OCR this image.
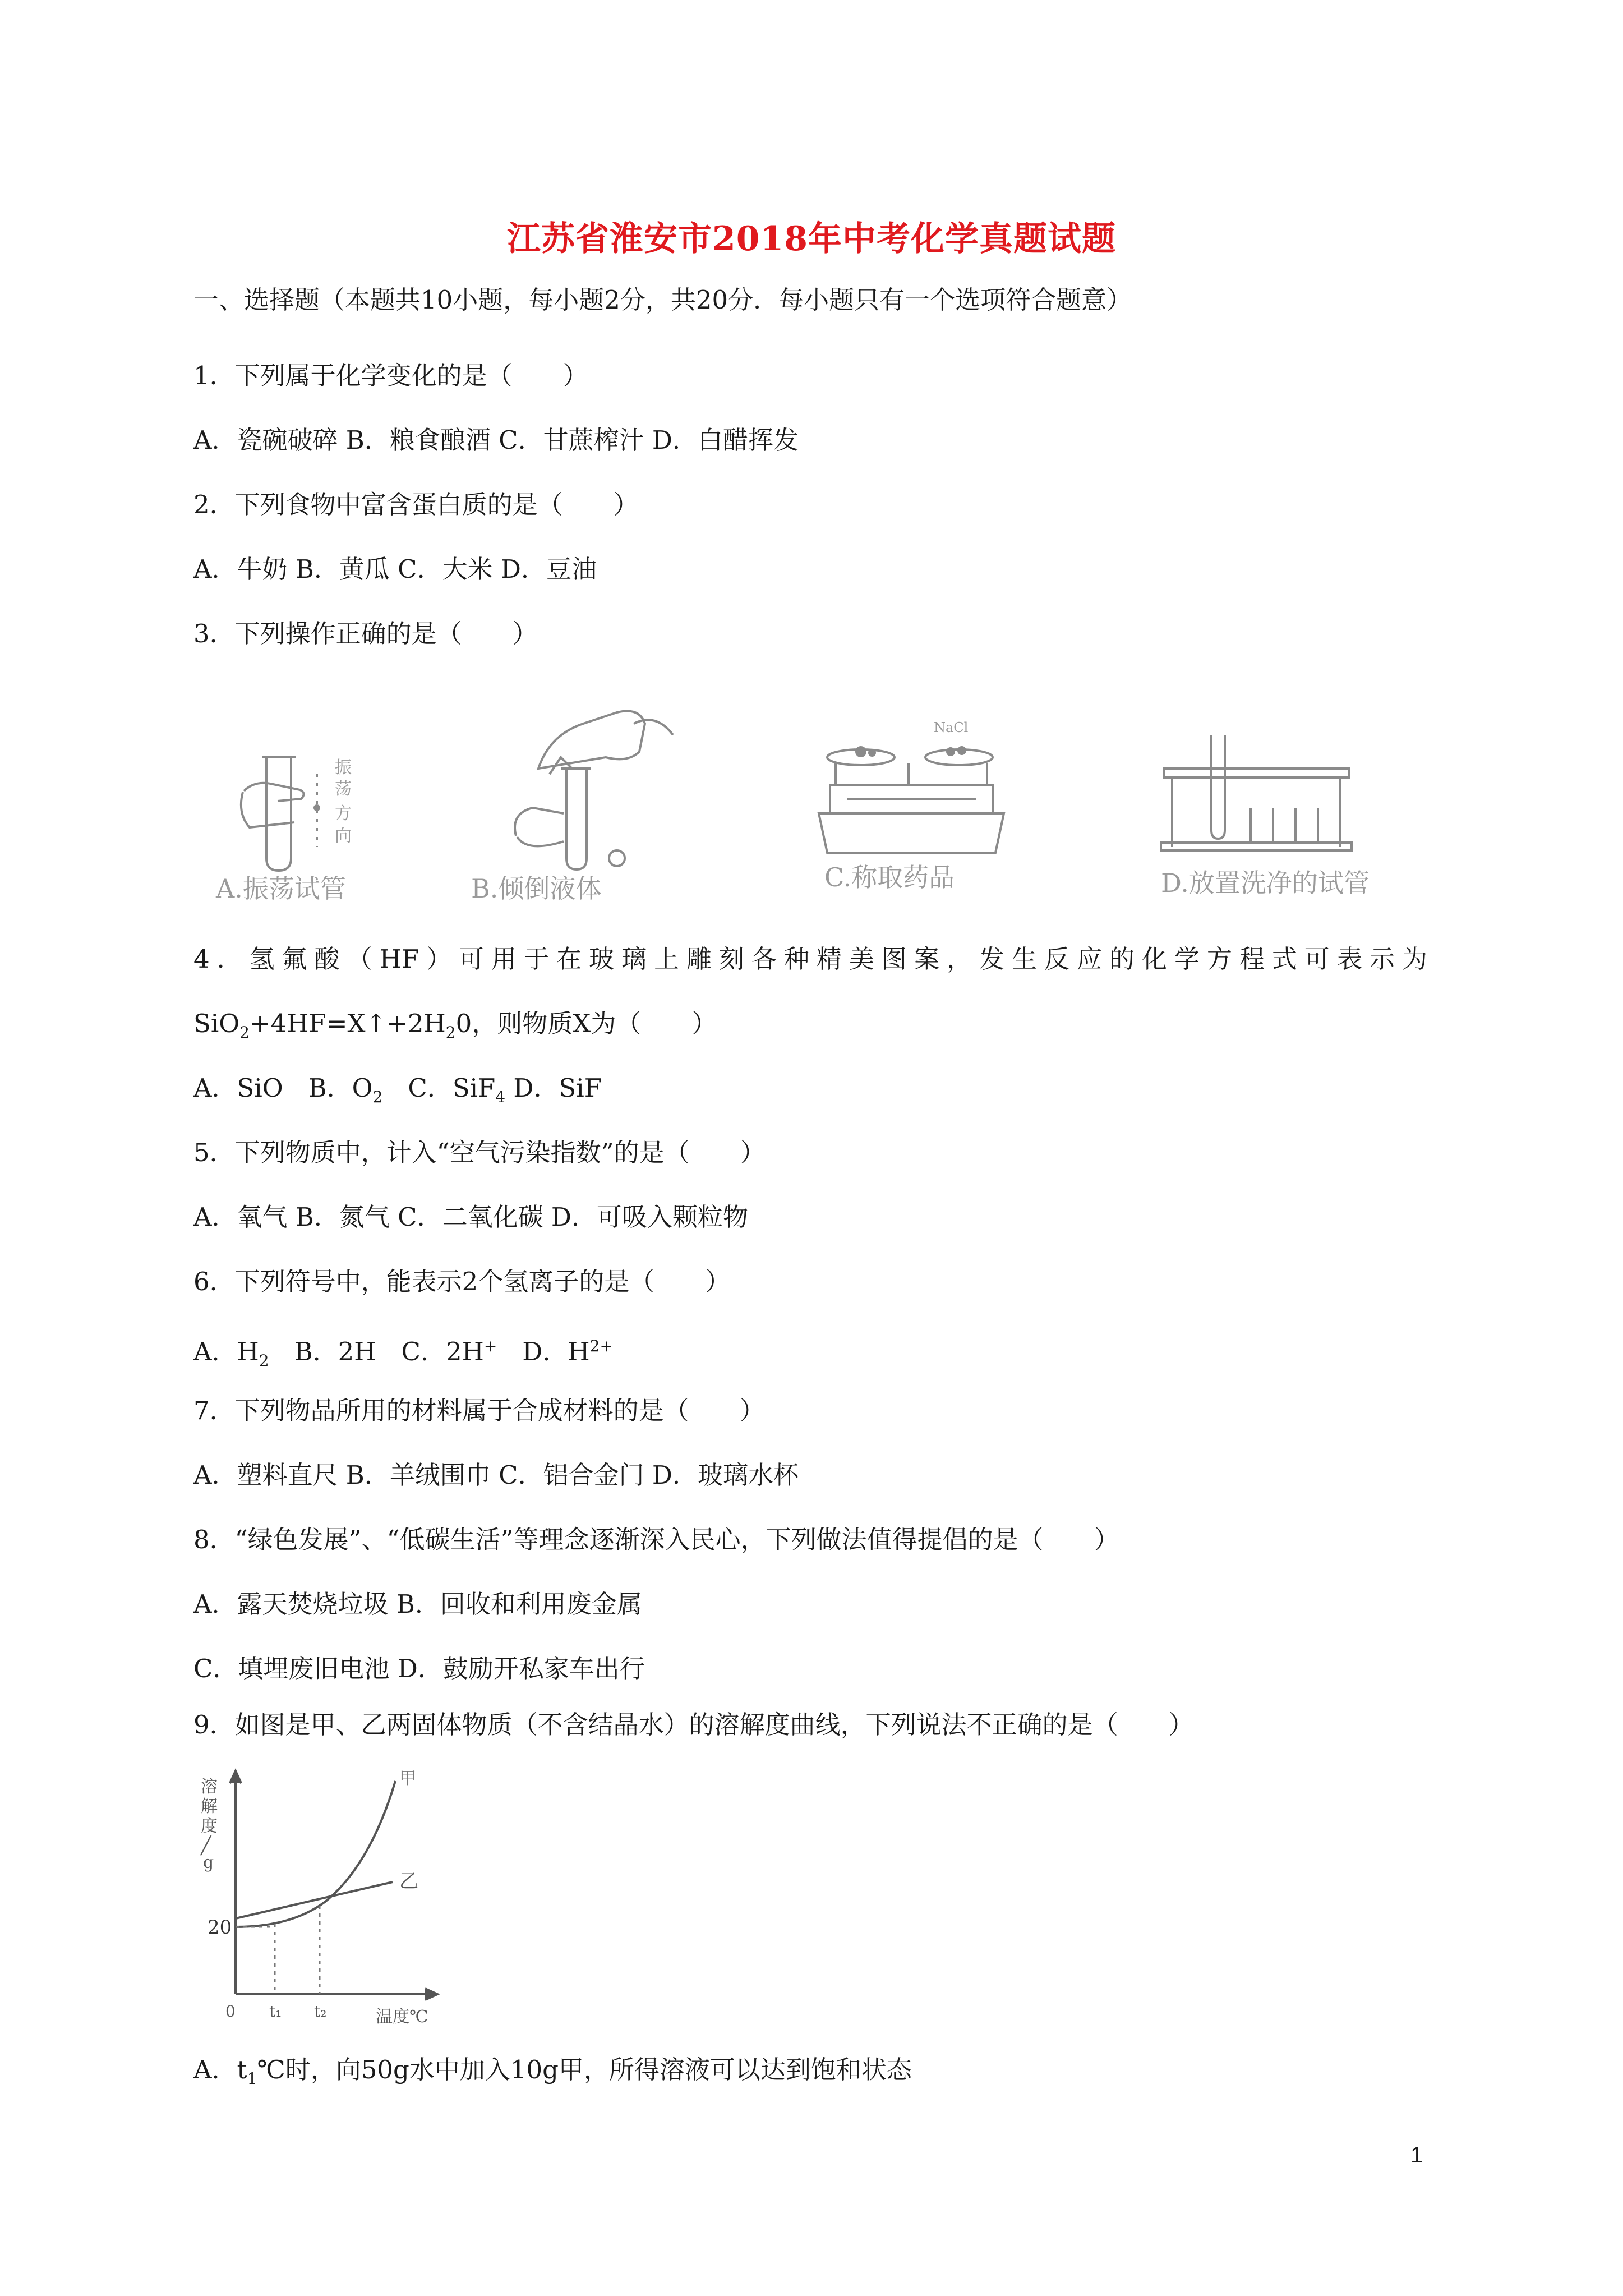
江苏省淮安市2018年中考化学真题试题
一、选择题（本题共10小题，每小题2分，共20分．每小题只有一个选项符合题意）
1．下列属于化学变化的是（　　）
A．瓷碗破碎 B．粮食酿酒 C．甘蔗榨汁 D．白醋挥发
2．下列食物中富含蛋白质的是（　　）
A．牛奶 B．黄瓜 C．大米 D．豆油
3．下列操作正确的是（　　）
振
荡
方
向
A.振荡试管	B.倾倒液体
NaCl
C.称取药品	D.放置洗净的试管
4．氢氟酸（HF）可用于在玻璃上雕刻各种精美图案，发生反应的化学方程式可表示为
$SiO_2+4HF=X↑+2H_20$，则物质X为（　　）
A．SiO　B．$O_2$　C．SiF$_4$ D．SiF
5．下列物质中，计入“空气污染指数”的是（　　）
A．氧气 B．氮气 C．二氧化碳 D．可吸入颗粒物
6．下列符号中，能表示2个氢离子的是（　　）
A．$H_2$　B．2H　C．2H+　D．$H^{2+}$
7．下列物品所用的材料属于合成材料的是（　　）
A．塑料直尺 B．羊绒围巾 C．铝合金门 D．玻璃水杯
8．“绿色发展”、“低碳生活”等理念逐渐深入民心，下列做法值得提倡的是（　　）
A．露天焚烧垃圾 B．回收和利用废金属
C．填埋废旧电池 D．鼓励开私家车出行
9．如图是甲、乙两固体物质（不含结晶水）的溶解度曲线，下列说法不正确的是（　　）
溶
解
度
╱
g
20
0 t₁ t₂	温度℃
甲
乙
A．$t_1℃$时，向50g水中加入10g甲，所得溶液可以达到饱和状态
1
